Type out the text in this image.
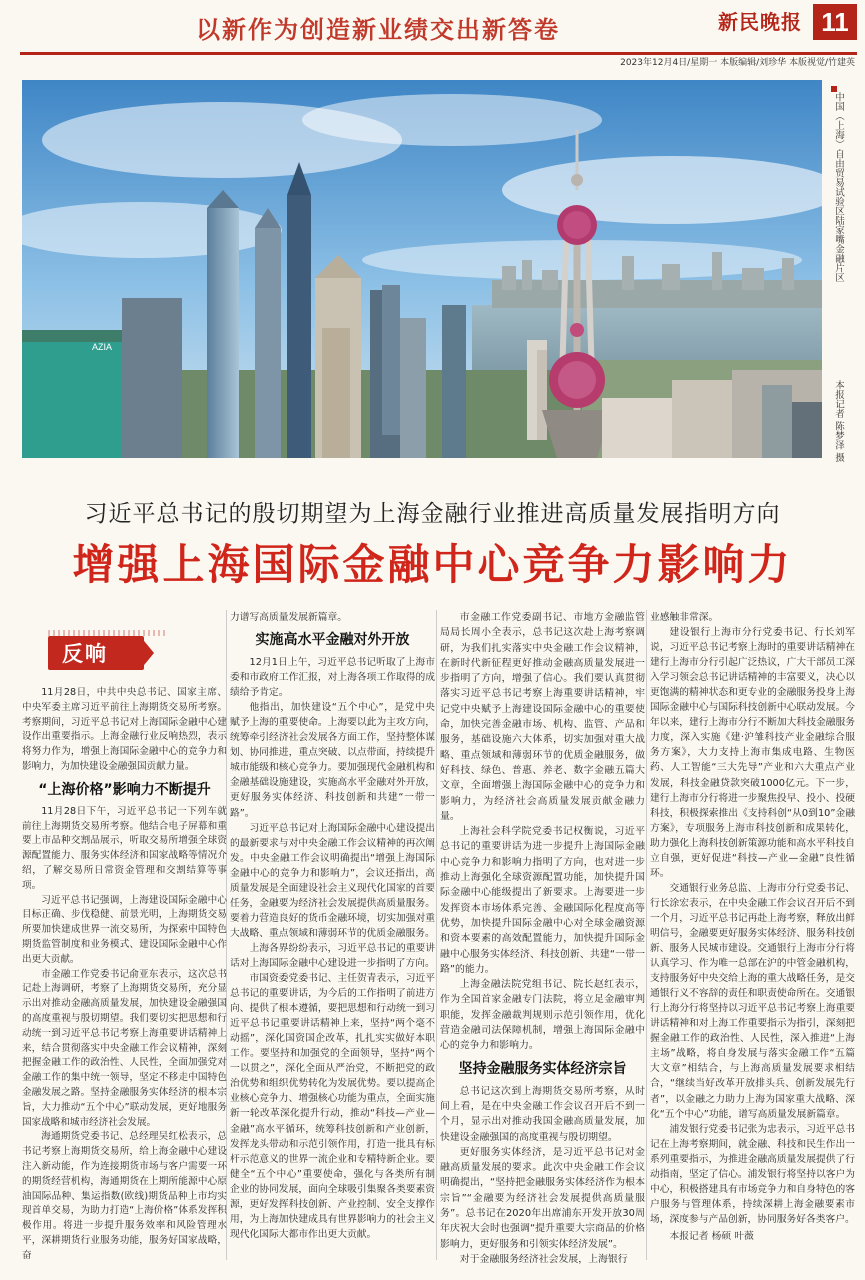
以新作为创造新业绩交出新答卷	新民晚报 11
2023年12月4日/星期一 本版编辑/刘珍华 本版视觉/竹建英
AZIA
中国（上海）自由贸易试验区陆家嘴金融片区
本报记者 陈梦泽 摄
习近平总书记的殷切期望为上海金融行业推进高质量发展指明方向
增强上海国际金融中心竞争力影响力
反响

11月28日，中共中央总书记、国家主席、中央军委主席习近平前往上海期货交易所考察。考察期间，习近平总书记对上海国际金融中心建设作出重要指示。上海金融行业反响热烈，表示将努力作为，增强上海国际金融中心的竞争力和影响力，为加快建设金融强国贡献力量。

“上海价格”影响力不断提升

11月28日下午，习近平总书记一下列车就前往上海期货交易所考察。他结合电子屏幕和重要上市品种交割品展示，听取交易所增强全球资源配置能力、服务实体经济和国家战略等情况介绍，了解交易所日常资金管理和交割结算等事项。

习近平总书记强调，上海建设国际金融中心目标正确、步伐稳健、前景光明，上海期货交易所要加快建成世界一流交易所，为探索中国特色期货监管制度和业务模式、建设国际金融中心作出更大贡献。

市金融工作党委书记俞亚东表示，这次总书记赴上海调研，考察了上海期货交易所，充分显示出对推动金融高质量发展，加快建设金融强国的高度重视与殷切期望。我们要切实把思想和行动统一到习近平总书记考察上海重要讲话精神上来，结合贯彻落实中央金融工作会议精神，深刻把握金融工作的政治性、人民性，全面加强党对金融工作的集中统一领导，坚定不移走中国特色金融发展之路。坚持金融服务实体经济的根本宗旨，大力推动“五个中心”联动发展，更好地服务国家战略和城市经济社会发展。

海通期货党委书记、总经理吴红松表示，总书记考察上海期货交易所，给上海金融中心建设注入新动能，作为连接期货市场与客户需要一环的期货经营机构，海通期货在上期所能源中心原油国际品种、集运指数(欧线)期货品种上市均实现首单交易，为助力打造“上海价格”体系发挥积极作用。将进一步提升服务效率和风险管理水平，深耕期货行业服务功能，服务好国家战略，奋

力谱写高质量发展新篇章。

实施高水平金融对外开放

12月1日上午，习近平总书记听取了上海市委和市政府工作汇报，对上海各项工作取得的成绩给予肯定。

他指出，加快建设“五个中心”，是党中央赋予上海的重要使命。上海要以此为主攻方向，统筹牵引经济社会发展各方面工作，坚持整体谋划、协同推进，重点突破、以点带面，持续提升城市能级和核心竞争力。要加强现代金融机构和金融基础设施建设，实施高水平金融对外开放，更好服务实体经济、科技创新和共建“一带一路”。

习近平总书记对上海国际金融中心建设提出的最新要求与对中央金融工作会议精神的再次阐发。中央金融工作会议明确提出“增强上海国际金融中心的竞争力和影响力”，会议还指出，高质量发展是全面建设社会主义现代化国家的首要任务，金融要为经济社会发展提供高质量服务。要着力营造良好的货币金融环境，切实加强对重大战略、重点领域和薄弱环节的优质金融服务。

上海各界纷纷表示，习近平总书记的重要讲话对上海国际金融中心建设进一步指明了方向。

市国资委党委书记、主任贺青表示，习近平总书记的重要讲话，为今后的工作指明了前进方向、提供了根本遵循，要把思想和行动统一到习近平总书记重要讲话精神上来，坚持“两个毫不动摇”，深化国资国企改革，扎扎实实做好本职工作。要坚持和加强党的全面领导，坚持“两个一以贯之”，深化全面从严治党，不断把党的政治优势和组织优势转化为发展优势。要以提高企业核心竞争力、增强核心功能为重点，全面实施新一轮改革深化提升行动，推动“科技—产业—金融”高水平循环，统筹科技创新和产业创新，发挥龙头带动和示范引领作用，打造一批具有标杆示范意义的世界一流企业和专精特新企业。要健全“五个中心”重要使命，强化与各类所有制企业的协同发展，面向全球吸引集聚各类要素资源，更好发挥科技创新、产业控制、安全支撑作用，为上海加快建成具有世界影响力的社会主义现代化国际大都市作出更大贡献。

市金融工作党委副书记、市地方金融监管局局长周小全表示，总书记这次赴上海考察调研，为我们扎实落实中央金融工作会议精神，在新时代新征程更好推动金融高质量发展进一步指明了方向，增强了信心。我们要认真贯彻落实习近平总书记考察上海重要讲话精神，牢记党中央赋予上海建设国际金融中心的重要使命，加快完善金融市场、机构、监管、产品和服务，基础设施六大体系，切实加强对重大战略、重点领域和薄弱环节的优质金融服务，做好科技、绿色、普惠、养老、数字金融五篇大文章，全面增强上海国际金融中心的竞争力和影响力，为经济社会高质量发展贡献金融力量。

上海社会科学院党委书记权衡说，习近平总书记的重要讲话为进一步提升上海国际金融中心竞争力和影响力指明了方向，也对进一步推动上海强化全球资源配置功能，加快提升国际金融中心能级提出了新要求。上海要进一步发挥资本市场体系完善、金融国际化程度高等优势，加快提升国际金融中心对全球金融资源和资本要素的高效配置能力，加快提升国际金融中心服务实体经济、科技创新、共建“一带一路”的能力。

上海金融法院党组书记、院长赵红表示，作为全国首家金融专门法院，将立足金融审判职能，发挥金融裁判规则示范引领作用，优化营造金融司法保障机制，增强上海国际金融中心的竞争力和影响力。

坚持金融服务实体经济宗旨

总书记这次到上海期货交易所考察，从时间上看，是在中央金融工作会议召开后不到一个月，显示出对推动我国金融高质量发展，加快建设金融强国的高度重视与殷切期望。

更好服务实体经济，是习近平总书记对金融高质量发展的要求。此次中央金融工作会议明确提出，“坚持把金融服务实体经济作为根本宗旨”“金融要为经济社会发展提供高质量服务”。总书记在2020年出席浦东开发开放30周年庆祝大会时也强调“提升重要大宗商品的价格影响力，更好服务和引领实体经济发展”。

对于金融服务经济社会发展，上海银行

业感触非常深。

建设银行上海市分行党委书记、行长刘军说，习近平总书记考察上海时的重要讲话精神在建行上海市分行引起广泛热议，广大干部员工深入学习领会总书记讲话精神的丰富要义，决心以更饱满的精神状态和更专业的金融服务投身上海国际金融中心与国际科技创新中心联动发展。今年以来，建行上海市分行不断加大科技金融服务力度，深入实施《建·沪雏科技产业金融综合服务方案》，大力支持上海市集成电路、生物医药、人工智能“三大先导”产业和六大重点产业发展，科技金融贷款突破1000亿元。下一步，建行上海市分行将进一步聚焦投早、投小、投硬科技，积极探索推出《支持科创“从0到10”金融方案》，专项服务上海市科技创新和成果转化，助力强化上海科技创新策源功能和高水平科技自立自强，更好促进“科技—产业—金融”良性循环。

交通银行业务总监、上海市分行党委书记、行长涂宏表示，在中央金融工作会议召开后不到一个月，习近平总书记再赴上海考察，释放出鲜明信号，金融要更好服务实体经济、服务科技创新、服务人民城市建设。交通银行上海市分行将认真学习、作为唯一总部在沪的中管金融机构，支持服务好中央交给上海的重大战略任务，是交通银行义不容辞的责任和职责使命所在。交通银行上海分行将坚持以习近平总书记考察上海重要讲话精神和对上海工作重要指示为指引，深刻把握金融工作的政治性、人民性，深入推进“上海主场”战略，将自身发展与落实金融工作“五篇大文章”相结合，与上海高质量发展要求相结合，“继续当好改革开放排头兵、创新发展先行者”，以金融之力助力上海为国家重大战略、深化“五个中心”功能，谱写高质量发展新篇章。

浦发银行党委书记张为忠表示，习近平总书记在上海考察期间，就金融、科技和民生作出一系列重要指示，为推进金融高质量发展提供了行动指南，坚定了信心。浦发银行将坚持以客户为中心，积极搭建具有市场竞争力和自身特色的客户服务与管理体系，持续深耕上海金融要素市场，深度参与产品创新，协同服务好各类客户。

本报记者 杨硕 叶薇
